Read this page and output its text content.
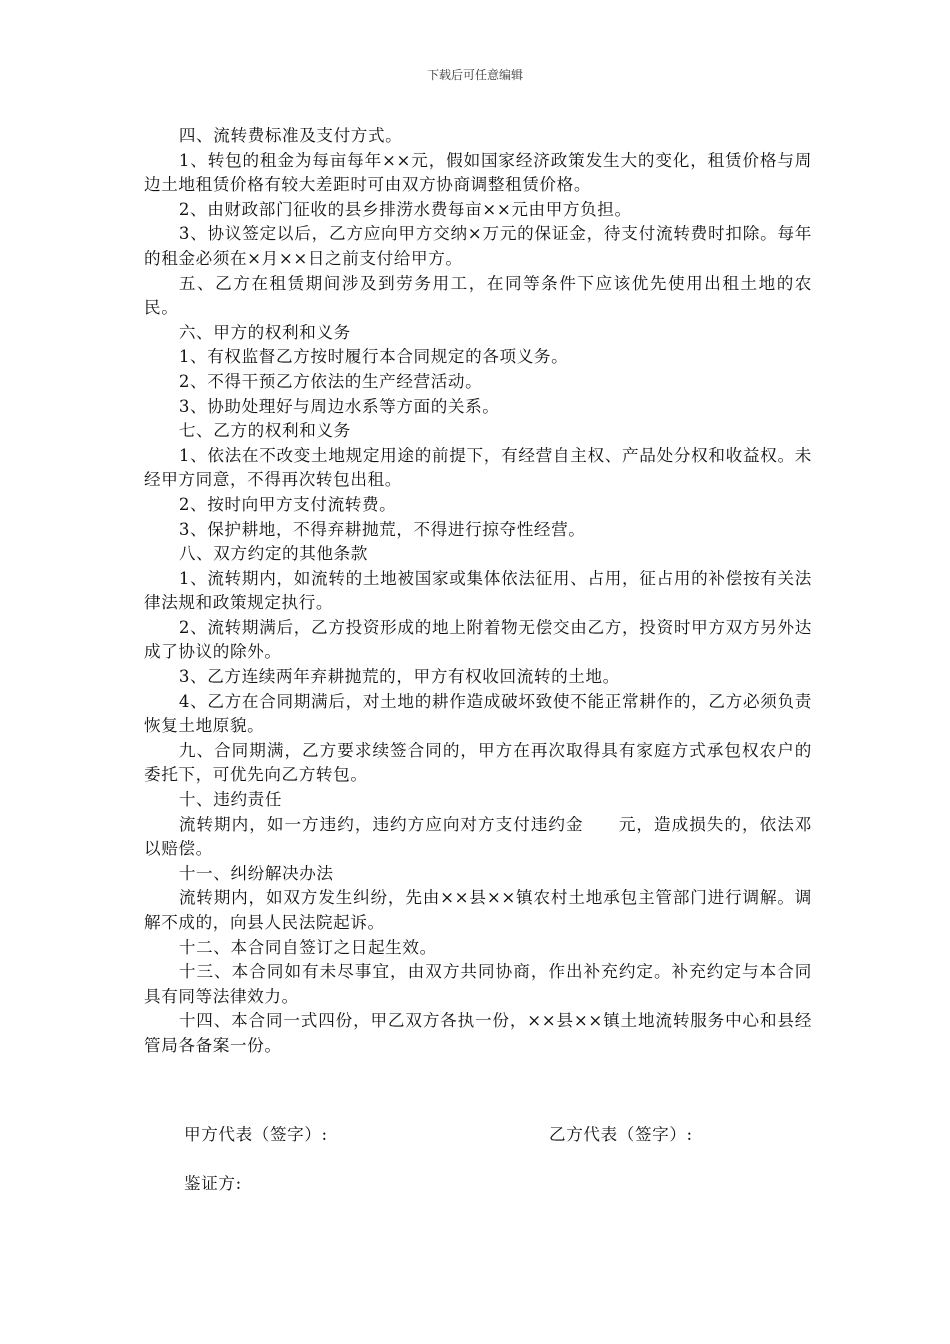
下载后可任意编辑

四、流转费标准及支付方式。

1、转包的租金为每亩每年××元，假如国家经济政策发生大的变化，租赁价格与周边土地租赁价格有较大差距时可由双方协商调整租赁价格。

2、由财政部门征收的县乡排涝水费每亩××元由甲方负担。

3、协议签定以后，乙方应向甲方交纳×万元的保证金，待支付流转费时扣除。每年的租金必须在×月××日之前支付给甲方。

五、乙方在租赁期间涉及到劳务用工，在同等条件下应该优先使用出租土地的农民。

六、甲方的权利和义务

1、有权监督乙方按时履行本合同规定的各项义务。

2、不得干预乙方依法的生产经营活动。

3、协助处理好与周边水系等方面的关系。

七、乙方的权利和义务

1、依法在不改变土地规定用途的前提下，有经营自主权、产品处分权和收益权。未经甲方同意，不得再次转包出租。

2、按时向甲方支付流转费。

3、保护耕地，不得弃耕抛荒，不得进行掠夺性经营。

八、双方约定的其他条款

1、流转期内，如流转的土地被国家或集体依法征用、占用，征占用的补偿按有关法律法规和政策规定执行。

2、流转期满后，乙方投资形成的地上附着物无偿交由乙方，投资时甲方双方另外达成了协议的除外。

3、乙方连续两年弃耕抛荒的，甲方有权收回流转的土地。

4、乙方在合同期满后，对土地的耕作造成破坏致使不能正常耕作的，乙方必须负责恢复土地原貌。

九、合同期满，乙方要求续签合同的，甲方在再次取得具有家庭方式承包权农户的委托下，可优先向乙方转包。

十、违约责任

流转期内，如一方违约，违约方应向对方支付违约金　　元，造成损失的，依法邓以赔偿。

十一、纠纷解决办法

流转期内，如双方发生纠纷，先由××县××镇农村土地承包主管部门进行调解。调解不成的，向县人民法院起诉。

十二、本合同自签订之日起生效。

十三、本合同如有未尽事宜，由双方共同协商，作出补充约定。补充约定与本合同具有同等法律效力。

十四、本合同一式四份，甲乙双方各执一份，××县××镇土地流转服务中心和县经管局各备案一份。

甲方代表（签字）:	乙方代表（签字）:
鉴证方:
